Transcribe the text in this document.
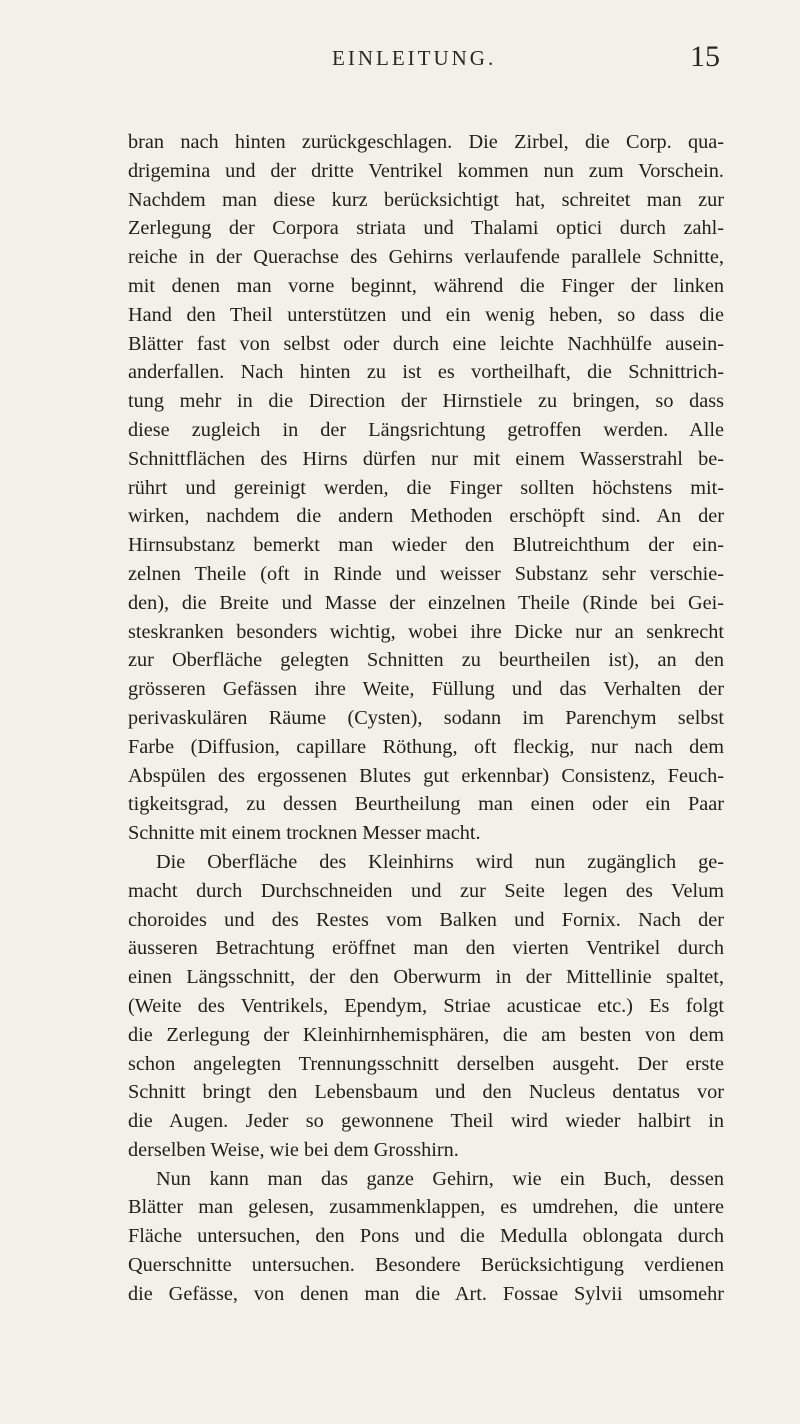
EINLEITUNG.	15
bran nach hinten zurückgeschlagen. Die Zirbel, die Corp. qua-
drigemina und der dritte Ventrikel kommen nun zum Vorschein.
Nachdem man diese kurz berücksichtigt hat, schreitet man zur
Zerlegung der Corpora striata und Thalami optici durch zahl-
reiche in der Querachse des Gehirns verlaufende parallele Schnitte,
mit denen man vorne beginnt, während die Finger der linken
Hand den Theil unterstützen und ein wenig heben, so dass die
Blätter fast von selbst oder durch eine leichte Nachhülfe ausein-
anderfallen. Nach hinten zu ist es vortheilhaft, die Schnittrich-
tung mehr in die Direction der Hirnstiele zu bringen, so dass
diese zugleich in der Längsrichtung getroffen werden. Alle
Schnittflächen des Hirns dürfen nur mit einem Wasserstrahl be-
rührt und gereinigt werden, die Finger sollten höchstens mit-
wirken, nachdem die andern Methoden erschöpft sind. An der
Hirnsubstanz bemerkt man wieder den Blutreichthum der ein-
zelnen Theile (oft in Rinde und weisser Substanz sehr verschie-
den), die Breite und Masse der einzelnen Theile (Rinde bei Gei-
steskranken besonders wichtig, wobei ihre Dicke nur an senkrecht
zur Oberfläche gelegten Schnitten zu beurtheilen ist), an den
grösseren Gefässen ihre Weite, Füllung und das Verhalten der
perivaskulären Räume (Cysten), sodann im Parenchym selbst
Farbe (Diffusion, capillare Röthung, oft fleckig, nur nach dem
Abspülen des ergossenen Blutes gut erkennbar) Consistenz, Feuch-
tigkeitsgrad, zu dessen Beurtheilung man einen oder ein Paar
Schnitte mit einem trocknen Messer macht.
Die Oberfläche des Kleinhirns wird nun zugänglich ge-
macht durch Durchschneiden und zur Seite legen des Velum
choroides und des Restes vom Balken und Fornix. Nach der
äusseren Betrachtung eröffnet man den vierten Ventrikel durch
einen Längsschnitt, der den Oberwurm in der Mittellinie spaltet,
(Weite des Ventrikels, Ependym, Striae acusticae etc.) Es folgt
die Zerlegung der Kleinhirnhemisphären, die am besten von dem
schon angelegten Trennungsschnitt derselben ausgeht. Der erste
Schnitt bringt den Lebensbaum und den Nucleus dentatus vor
die Augen. Jeder so gewonnene Theil wird wieder halbirt in
derselben Weise, wie bei dem Grosshirn.
Nun kann man das ganze Gehirn, wie ein Buch, dessen
Blätter man gelesen, zusammenklappen, es umdrehen, die untere
Fläche untersuchen, den Pons und die Medulla oblongata durch
Querschnitte untersuchen. Besondere Berücksichtigung verdienen
die Gefässe, von denen man die Art. Fossae Sylvii umsomehr
